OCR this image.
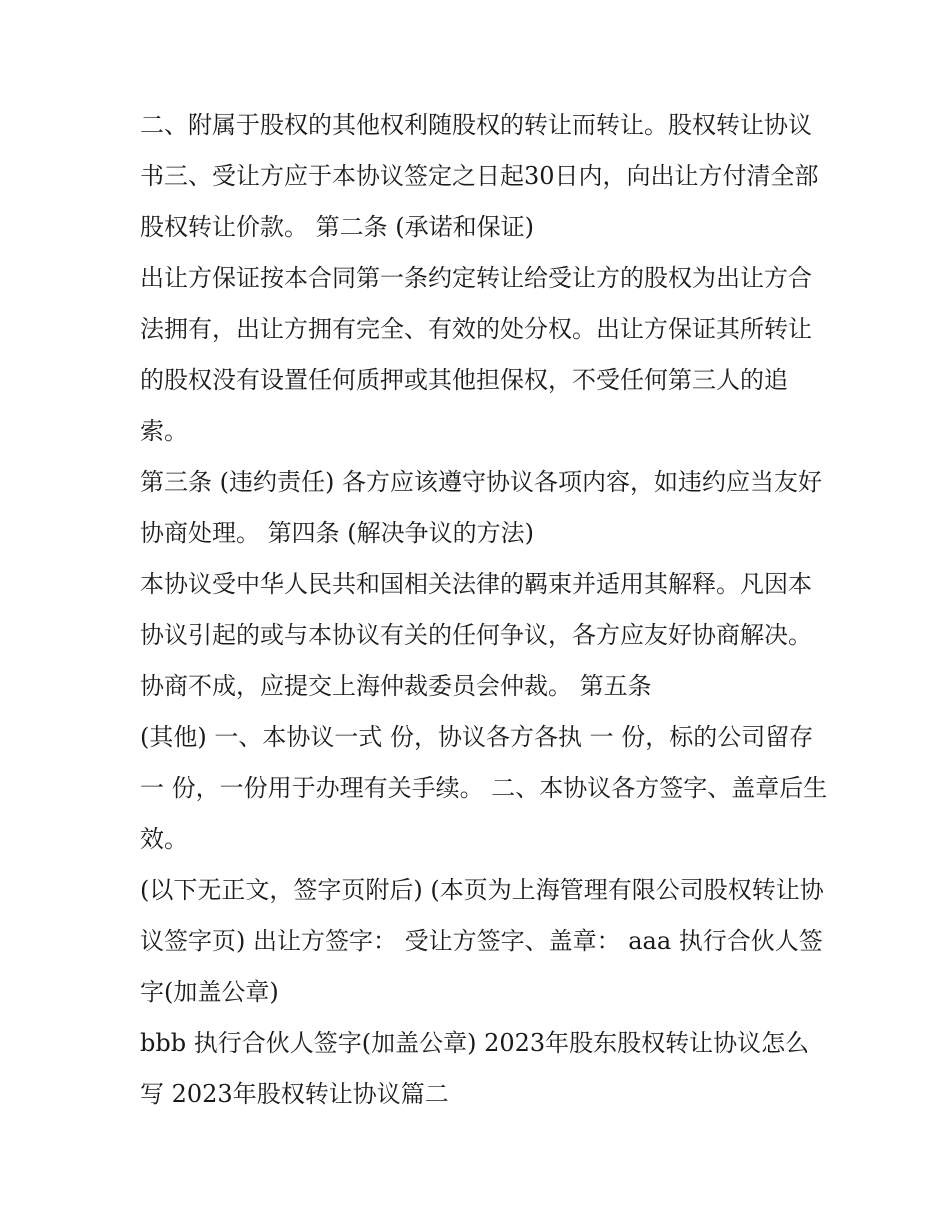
二、附属于股权的其他权利随股权的转让而转让。股权转让协议书三、受让方应于本协议签定之日起30日内，向出让方付清全部股权转让价款。 第二条 (承诺和保证)

出让方保证按本合同第一条约定转让给受让方的股权为出让方合法拥有，出让方拥有完全、有效的处分权。出让方保证其所转让的股权没有设置任何质押或其他担保权，不受任何第三人的追索。

第三条 (违约责任) 各方应该遵守协议各项内容，如违约应当友好协商处理。 第四条 (解决争议的方法)

本协议受中华人民共和国相关法律的羁束并适用其解释。凡因本协议引起的或与本协议有关的任何争议，各方应友好协商解决。协商不成，应提交上海仲裁委员会仲裁。 第五条

(其他) 一、本协议一式 份，协议各方各执 一 份，标的公司留存 一 份，一份用于办理有关手续。 二、本协议各方签字、盖章后生效。

(以下无正文，签字页附后) (本页为上海管理有限公司股权转让协议签字页) 出让方签字： 受让方签字、盖章： aaa 执行合伙人签字(加盖公章)

bbb 执行合伙人签字(加盖公章) 2023年股东股权转让协议怎么写 2023年股权转让协议篇二
